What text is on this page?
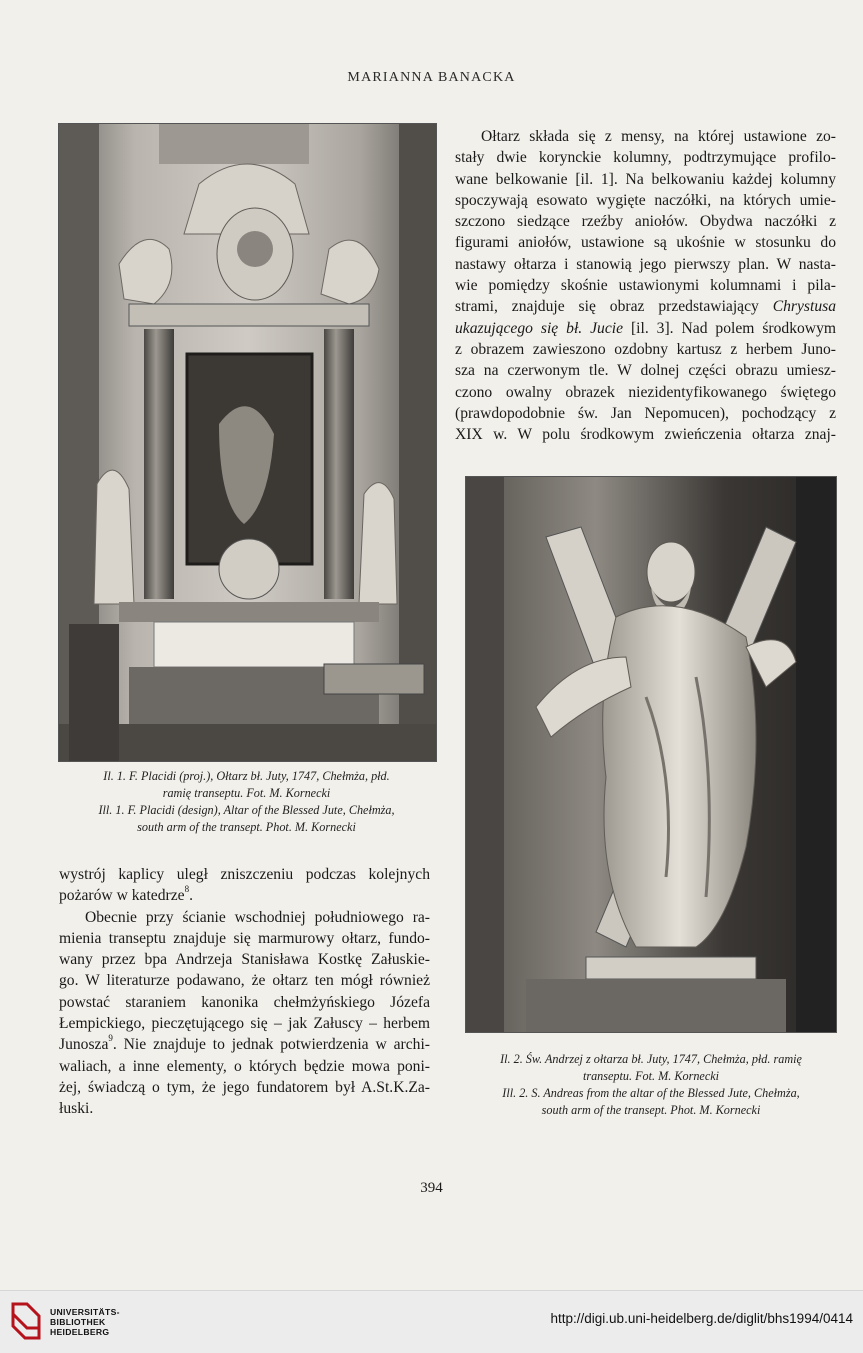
MARIANNA BANACKA
Il. 1. F. Placidi (proj.), Ołtarz bł. Juty, 1747, Chełmża, płd.
ramię transeptu. Fot. M. Kornecki
Ill. 1. F. Placidi (design), Altar of the Blessed Jute, Chełmża,
south arm of the transept. Phot. M. Kornecki
Ołtarz składa się z mensy, na której ustawione zo-
stały dwie korynckie kolumny, podtrzymujące profilo-
wane belkowanie [il. 1]. Na belkowaniu każdej kolumny
spoczywają esowato wygięte naczółki, na których umie-
szczono siedzące rzeźby aniołów. Obydwa naczółki z
figurami aniołów, ustawione są ukośnie w stosunku do
nastawy ołtarza i stanowią jego pierwszy plan. W nasta-
wie pomiędzy skośnie ustawionymi kolumnami i pila-
strami, znajduje się obraz przedstawiający Chrystusa
ukazującego się bł. Jucie [il. 3]. Nad polem środkowym
z obrazem zawieszono ozdobny kartusz z herbem Juno-
sza na czerwonym tle. W dolnej części obrazu umiesz-
czono owalny obrazek niezidentyfikowanego świętego
(prawdopodobnie św. Jan Nepomucen), pochodzący z
XIX w. W polu środkowym zwieńczenia ołtarza znaj-
Il. 2. Św. Andrzej z ołtarza bł. Juty, 1747, Chełmża, płd. ramię
transeptu. Fot. M. Kornecki
Ill. 2. S. Andreas from the altar of the Blessed Jute, Chełmża,
south arm of the transept. Phot. M. Kornecki
wystrój kaplicy uległ zniszczeniu podczas kolejnych
pożarów w katedrze$^8$.
Obecnie przy ścianie wschodniej południowego ra-
mienia transeptu znajduje się marmurowy ołtarz, fundo-
wany przez bpa Andrzeja Stanisława Kostkę Załuskie-
go. W literaturze podawano, że ołtarz ten mógł również
powstać staraniem kanonika chełmżyńskiego Józefa
Łempickiego, pieczętującego się – jak Załuscy – herbem
Junosza$^9$. Nie znajduje to jednak potwierdzenia w archi-
waliach, a inne elementy, o których będzie mowa poni-
żej, świadczą o tym, że jego fundatorem był A.St.K.Za-
łuski.
394
UNIVERSITÄTS-
BIBLIOTHEK
HEIDELBERG
http://digi.ub.uni-heidelberg.de/diglit/bhs1994/0414
